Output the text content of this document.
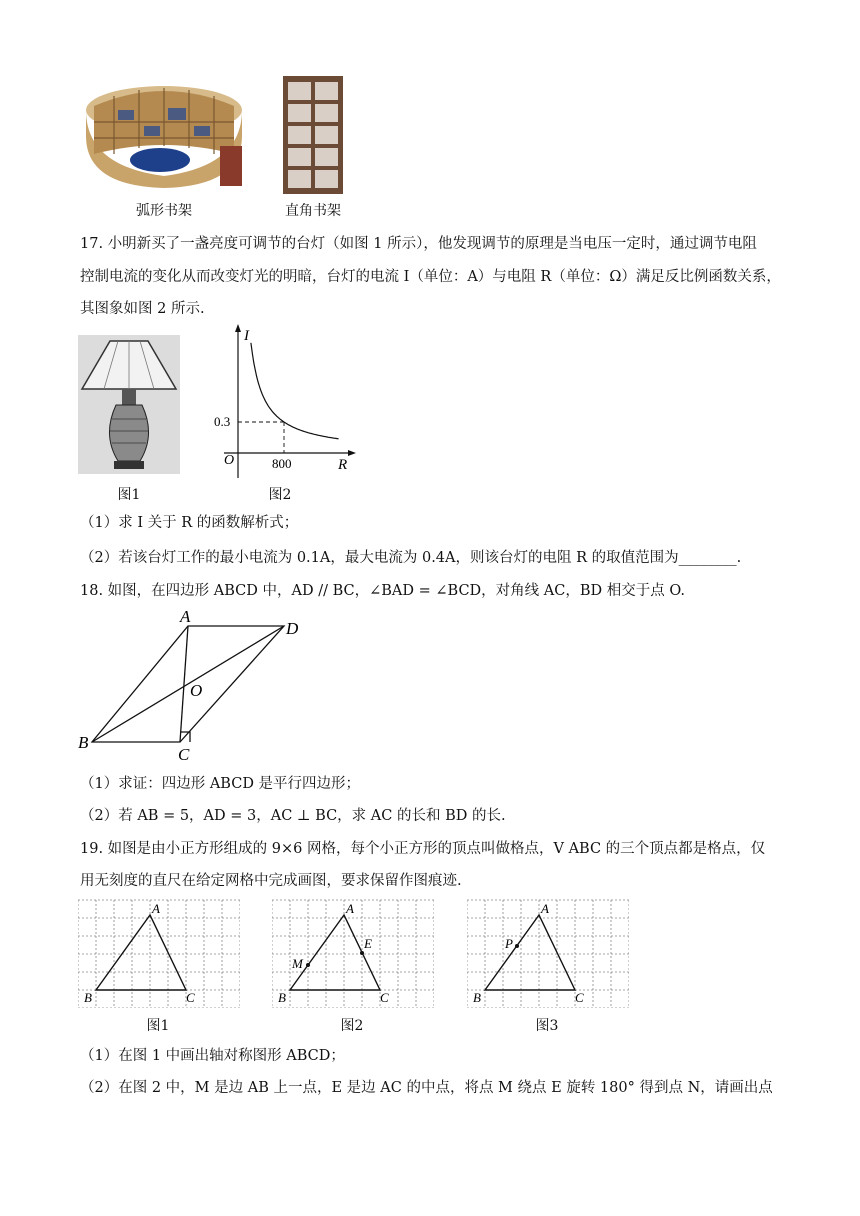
弧形书架	直角书架
17. 小明新买了一盏亮度可调节的台灯（如图 1 所示），他发现调节的原理是当电压一定时，通过调节电阻
控制电流的变化从而改变灯光的明暗，台灯的电流 I（单位：A）与电阻 R（单位：Ω）满足反比例函数关系，
其图象如图 2 所示.
I
R
O
0.3
800
图1	图2
（1）求 I 关于 R 的函数解析式；
（2）若该台灯工作的最小电流为 0.1A，最大电流为 0.4A，则该台灯的电阻 R 的取值范围为________.
18. 如图，在四边形 ABCD 中，AD // BC，∠BAD = ∠BCD，对角线 AC，BD 相交于点 O.
A
D
O
B
C
（1）求证：四边形 ABCD 是平行四边形；
（2）若 AB = 5，AD = 3，AC ⊥ BC，求 AC 的长和 BD 的长.
19. 如图是由小正方形组成的 9×6 网格，每个小正方形的顶点叫做格点，V ABC 的三个顶点都是格点，仅
用无刻度的直尺在给定网格中完成画图，要求保留作图痕迹.
A
B	C
A
M
E
B	C
A
P
B	C
图1	图2	图3
（1）在图 1 中画出轴对称图形 ABCD；
（2）在图 2 中，M 是边 AB 上一点，E 是边 AC 的中点，将点 M 绕点 E 旋转 180° 得到点 N，请画出点
